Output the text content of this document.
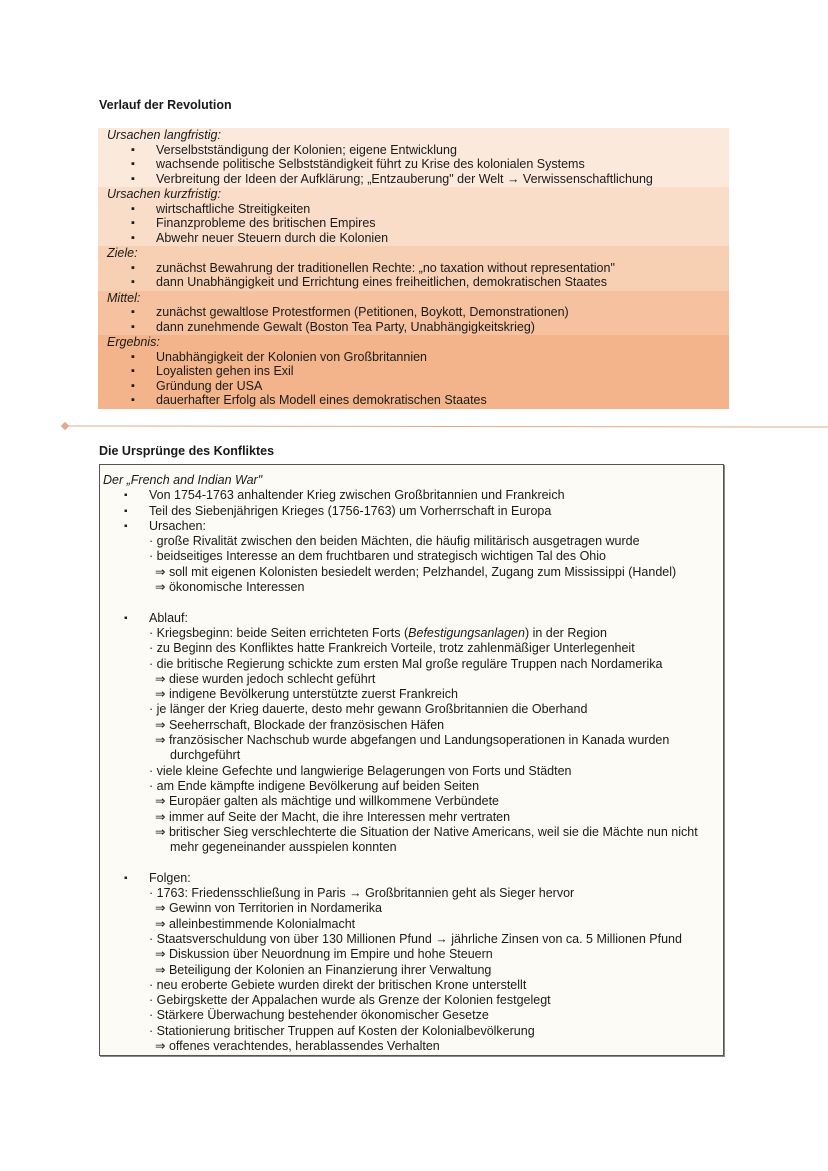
Verlauf der Revolution
Ursachen langfristig:
▪ Verselbstständigung der Kolonien; eigene Entwicklung
▪ wachsende politische Selbstständigkeit führt zu Krise des kolonialen Systems
▪ Verbreitung der Ideen der Aufklärung; „Entzauberung" der Welt → Verwissenschaftlichung
Ursachen kurzfristig:
▪ wirtschaftliche Streitigkeiten
▪ Finanzprobleme des britischen Empires
▪ Abwehr neuer Steuern durch die Kolonien
Ziele:
▪ zunächst Bewahrung der traditionellen Rechte: „no taxation without representation"
▪ dann Unabhängigkeit und Errichtung eines freiheitlichen, demokratischen Staates
Mittel:
▪ zunächst gewaltlose Protestformen (Petitionen, Boykott, Demonstrationen)
▪ dann zunehmende Gewalt (Boston Tea Party, Unabhängigkeitskrieg)
Ergebnis:
▪ Unabhängigkeit der Kolonien von Großbritannien
▪ Loyalisten gehen ins Exil
▪ Gründung der USA
▪ dauerhafter Erfolg als Modell eines demokratischen Staates
Die Ursprünge des Konfliktes
Der „French and Indian War"
▪ Von 1754-1763 anhaltender Krieg zwischen Großbritannien und Frankreich
▪ Teil des Siebenjährigen Krieges (1756-1763) um Vorherrschaft in Europa
▪ Ursachen:
· große Rivalität zwischen den beiden Mächten, die häufig militärisch ausgetragen wurde
· beidseitiges Interesse an dem fruchtbaren und strategisch wichtigen Tal des Ohio
⇒ soll mit eigenen Kolonisten besiedelt werden; Pelzhandel, Zugang zum Mississippi (Handel)
⇒ ökonomische Interessen
▪ Ablauf:
· Kriegsbeginn: beide Seiten errichteten Forts (Befestigungsanlagen) in der Region
· zu Beginn des Konfliktes hatte Frankreich Vorteile, trotz zahlenmäßiger Unterlegenheit
· die britische Regierung schickte zum ersten Mal große reguläre Truppen nach Nordamerika
⇒ diese wurden jedoch schlecht geführt
⇒ indigene Bevölkerung unterstützte zuerst Frankreich
· je länger der Krieg dauerte, desto mehr gewann Großbritannien die Oberhand
⇒ Seeherrschaft, Blockade der französischen Häfen
⇒ französischer Nachschub wurde abgefangen und Landungsoperationen in Kanada wurden
durchgeführt
· viele kleine Gefechte und langwierige Belagerungen von Forts und Städten
· am Ende kämpfte indigene Bevölkerung auf beiden Seiten
⇒ Europäer galten als mächtige und willkommene Verbündete
⇒ immer auf Seite der Macht, die ihre Interessen mehr vertraten
⇒ britischer Sieg verschlechterte die Situation der Native Americans, weil sie die Mächte nun nicht
mehr gegeneinander ausspielen konnten
▪ Folgen:
· 1763: Friedensschließung in Paris → Großbritannien geht als Sieger hervor
⇒ Gewinn von Territorien in Nordamerika
⇒ alleinbestimmende Kolonialmacht
· Staatsverschuldung von über 130 Millionen Pfund → jährliche Zinsen von ca. 5 Millionen Pfund
⇒ Diskussion über Neuordnung im Empire und hohe Steuern
⇒ Beteiligung der Kolonien an Finanzierung ihrer Verwaltung
· neu eroberte Gebiete wurden direkt der britischen Krone unterstellt
· Gebirgskette der Appalachen wurde als Grenze der Kolonien festgelegt
· Stärkere Überwachung bestehender ökonomischer Gesetze
· Stationierung britischer Truppen auf Kosten der Kolonialbevölkerung
⇒ offenes verachtendes, herablassendes Verhalten
